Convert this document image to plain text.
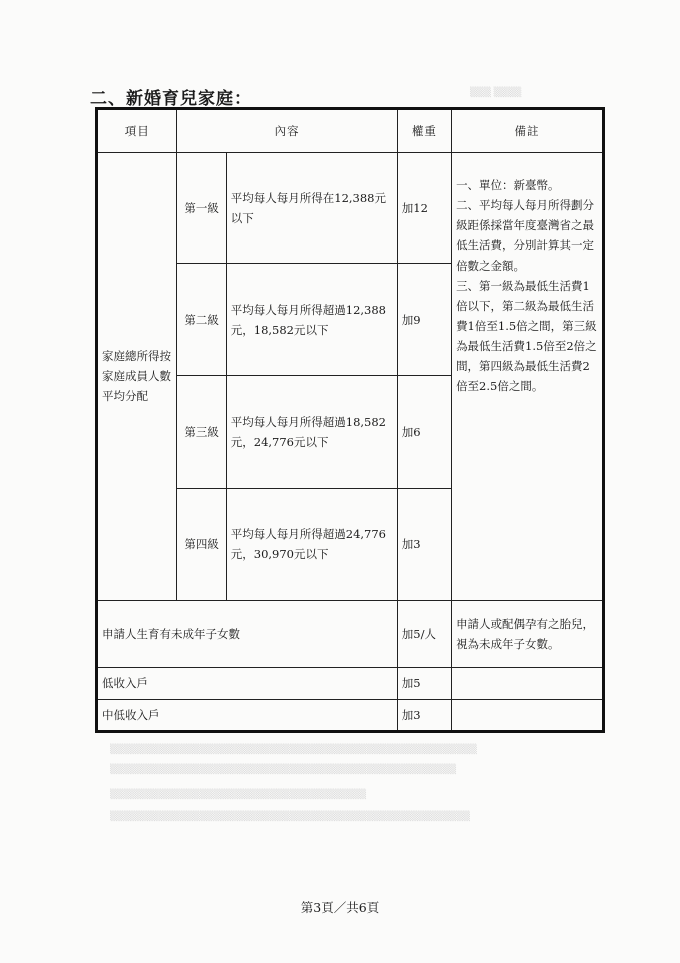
▒▒▒ ▒▒▒▒
▒▒▒▒▒▒▒▒▒▒▒▒▒▒▒▒▒▒▒▒▒▒▒▒▒▒▒▒▒▒▒▒▒▒▒▒▒▒▒▒▒▒▒▒▒▒▒▒▒▒▒▒▒
▒▒▒▒▒▒▒▒▒▒▒▒▒▒▒▒▒▒▒▒▒▒▒▒▒▒▒▒▒▒▒▒▒▒▒▒▒▒▒▒▒▒▒▒▒▒▒▒▒▒
▒▒▒▒▒▒▒▒▒▒▒▒▒▒▒▒▒▒▒▒▒▒▒▒▒▒▒▒▒▒▒▒▒▒▒▒▒
▒▒▒▒▒▒▒▒▒▒▒▒▒▒▒▒▒▒▒▒▒▒▒▒▒▒▒▒▒▒▒▒▒▒▒▒▒▒▒▒▒▒▒▒▒▒▒▒▒▒▒▒
二、新婚育兒家庭：
項目	內容		權重	備註
家庭總所得按家庭成員人數平均分配	第一級	平均每人每月所得在12,388元以下	加12	一、單位：新臺幣。
二、平均每人每月所得劃分級距係採當年度臺灣省之最低生活費，分別計算其一定倍數之金額。
三、第一級為最低生活費1倍以下，第二級為最低生活費1倍至1.5倍之間，第三級為最低生活費1.5倍至2倍之間，第四級為最低生活費2倍至2.5倍之間。

	第二級	平均每人每月所得超過12,388元，18,582元以下	加9	
	第三級	平均每人每月所得超過18,582元，24,776元以下	加6	
	第四級	平均每人每月所得超過24,776元，30,970元以下	加3	
申請人生育有未成年子女數			加5/人	申請人或配偶孕有之胎兒，視為未成年子女數。
低收入戶			加5	
中低收入戶			加3	
第3頁／共6頁
